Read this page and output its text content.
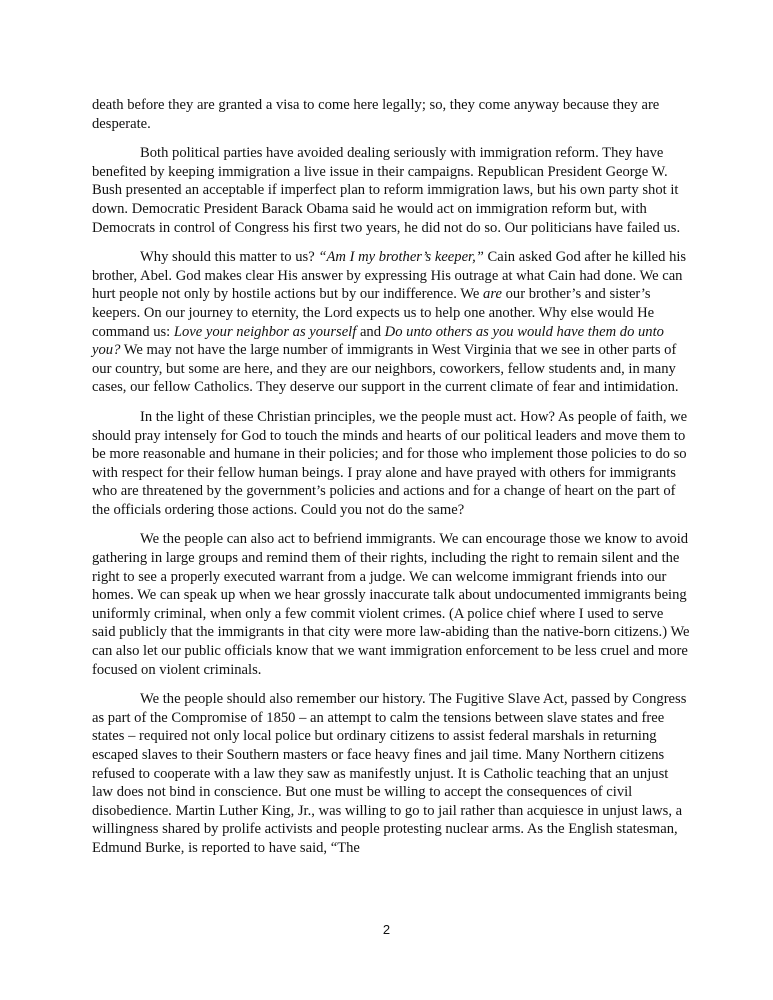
death before they are granted a visa to come here legally; so, they come anyway because they are desperate.

Both political parties have avoided dealing seriously with immigration reform. They have benefited by keeping immigration a live issue in their campaigns. Republican President George W. Bush presented an acceptable if imperfect plan to reform immigration laws, but his own party shot it down. Democratic President Barack Obama said he would act on immigration reform but, with Democrats in control of Congress his first two years, he did not do so. Our politicians have failed us.

Why should this matter to us? “Am I my brother’s keeper,” Cain asked God after he killed his brother, Abel. God makes clear His answer by expressing His outrage at what Cain had done. We can hurt people not only by hostile actions but by our indifference. We are our brother’s and sister’s keepers. On our journey to eternity, the Lord expects us to help one another. Why else would He command us: Love your neighbor as yourself and Do unto others as you would have them do unto you? We may not have the large number of immigrants in West Virginia that we see in other parts of our country, but some are here, and they are our neighbors, coworkers, fellow students and, in many cases, our fellow Catholics. They deserve our support in the current climate of fear and intimidation.

In the light of these Christian principles, we the people must act. How? As people of faith, we should pray intensely for God to touch the minds and hearts of our political leaders and move them to be more reasonable and humane in their policies; and for those who implement those policies to do so with respect for their fellow human beings. I pray alone and have prayed with others for immigrants who are threatened by the government’s policies and actions and for a change of heart on the part of the officials ordering those actions. Could you not do the same?

We the people can also act to befriend immigrants. We can encourage those we know to avoid gathering in large groups and remind them of their rights, including the right to remain silent and the right to see a properly executed warrant from a judge. We can welcome immigrant friends into our homes. We can speak up when we hear grossly inaccurate talk about undocumented immigrants being uniformly criminal, when only a few commit violent crimes. (A police chief where I used to serve said publicly that the immigrants in that city were more law-abiding than the native-born citizens.) We can also let our public officials know that we want immigration enforcement to be less cruel and more focused on violent criminals.

We the people should also remember our history. The Fugitive Slave Act, passed by Congress as part of the Compromise of 1850 – an attempt to calm the tensions between slave states and free states – required not only local police but ordinary citizens to assist federal marshals in returning escaped slaves to their Southern masters or face heavy fines and jail time. Many Northern citizens refused to cooperate with a law they saw as manifestly unjust. It is Catholic teaching that an unjust law does not bind in conscience. But one must be willing to accept the consequences of civil disobedience. Martin Luther King, Jr., was willing to go to jail rather than acquiesce in unjust laws, a willingness shared by prolife activists and people protesting nuclear arms. As the English statesman, Edmund Burke, is reported to have said, “The

2
